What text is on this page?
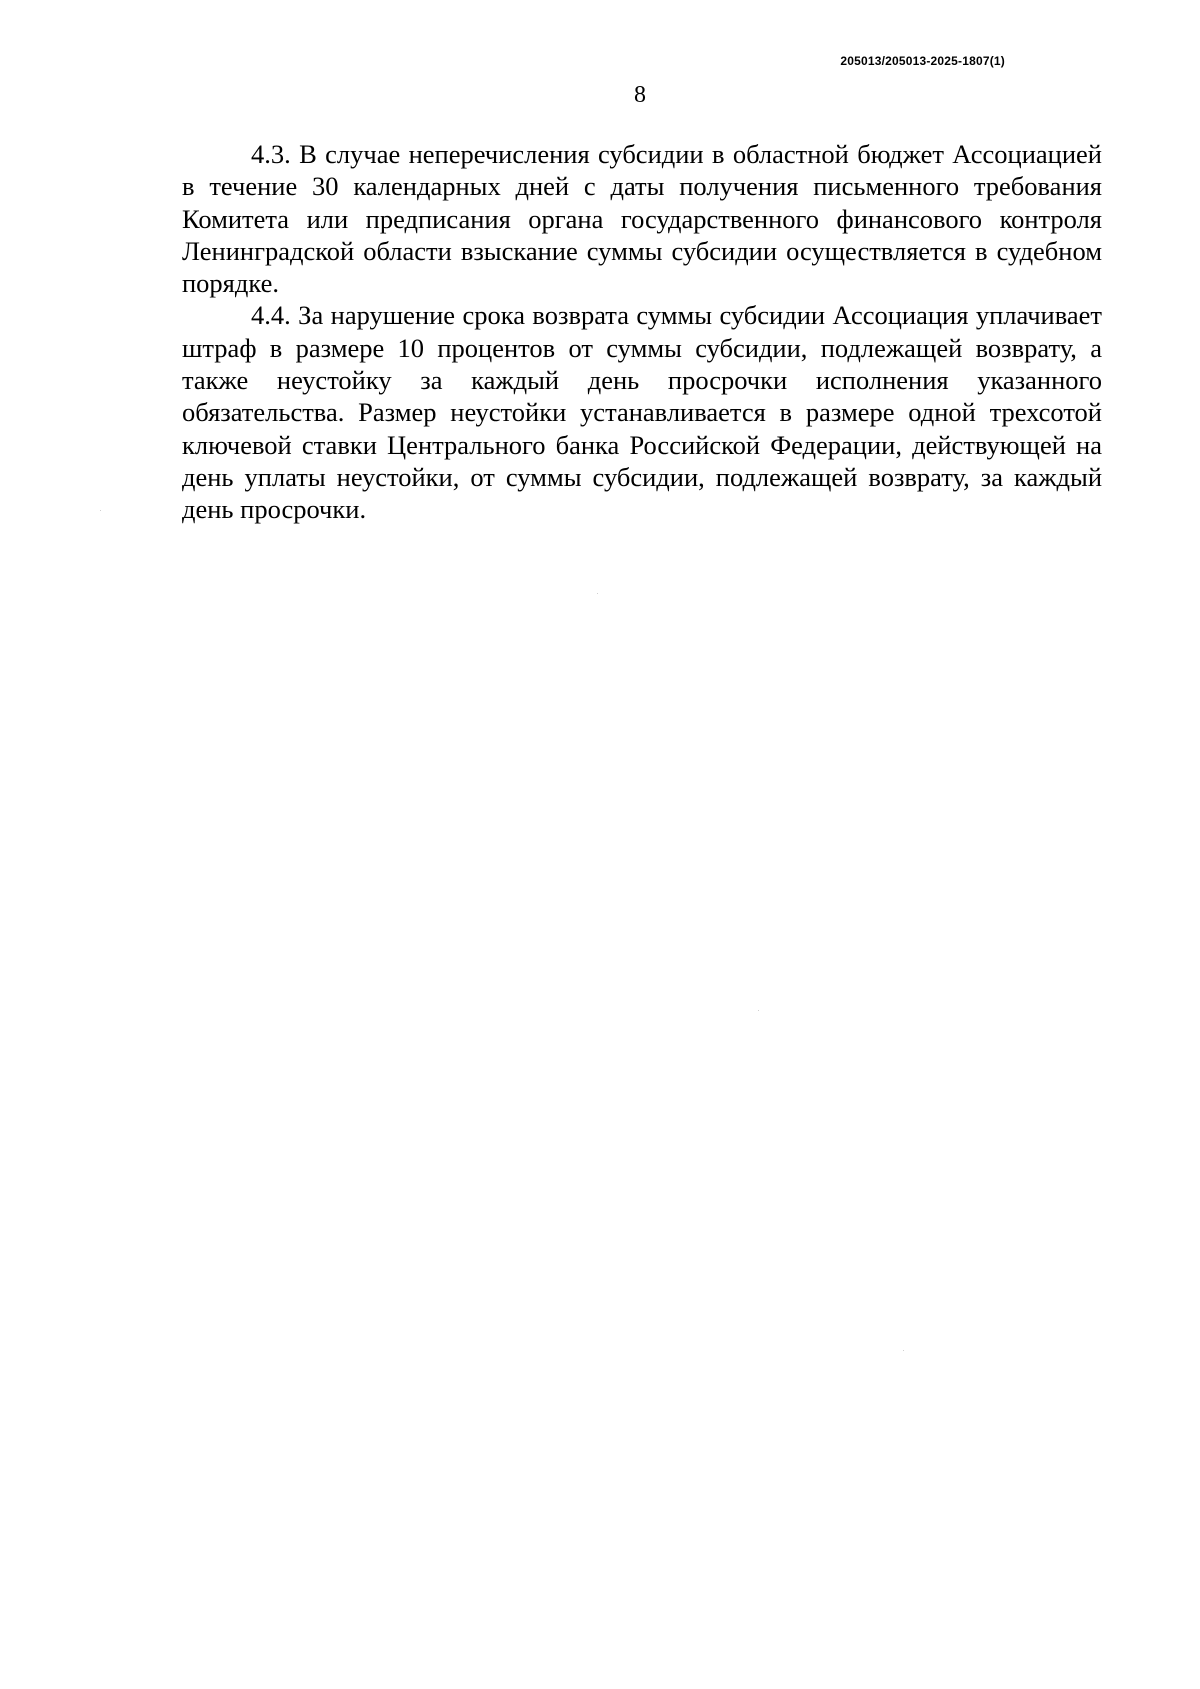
205013/205013-2025-1807(1)
8

4.3. В случае неперечисления субсидии в областной бюджет Ассоциацией в течение 30 календарных дней с даты получения письменного требования Комитета или предписания органа государственного финансового контроля Ленинградской области взыскание суммы субсидии осуществляется в судебном порядке.

4.4. За нарушение срока возврата суммы субсидии Ассоциация уплачивает штраф в размере 10 процентов от суммы субсидии, подлежащей возврату, а также неустойку за каждый день просрочки исполнения указанного обязательства. Размер неустойки устанавливается в размере одной трехсотой ключевой ставки Центрального банка Российской Федерации, действующей на день уплаты неустойки, от суммы субсидии, подлежащей возврату, за каждый день просрочки.
